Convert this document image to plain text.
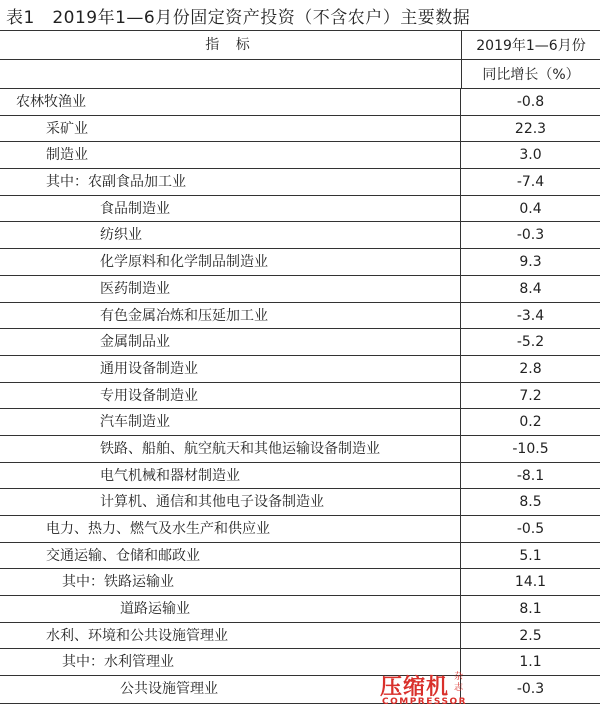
表1　2019年1—6月份固定资产投资（不含农户）主要数据
指 标	2019年1—6月份
同比增长（%）
农林牧渔业	-0.8
采矿业	22.3
制造业	3.0
其中：农副食品加工业	-7.4
食品制造业	0.4
纺织业	-0.3
化学原料和化学制品制造业	9.3
医药制造业	8.4
有色金属冶炼和压延加工业	-3.4
金属制品业	-5.2
通用设备制造业	2.8
专用设备制造业	7.2
汽车制造业	0.2
铁路、船舶、航空航天和其他运输设备制造业	-10.5
电气机械和器材制造业	-8.1
计算机、通信和其他电子设备制造业	8.5
电力、热力、燃气及水生产和供应业	-0.5
交通运输、仓储和邮政业	5.1
其中：铁路运输业	14.1
道路运输业	8.1
水利、环境和公共设施管理业	2.5
其中：水利管理业	1.1
公共设施管理业	-0.3
压缩机 杂志
COMPRESSOR
